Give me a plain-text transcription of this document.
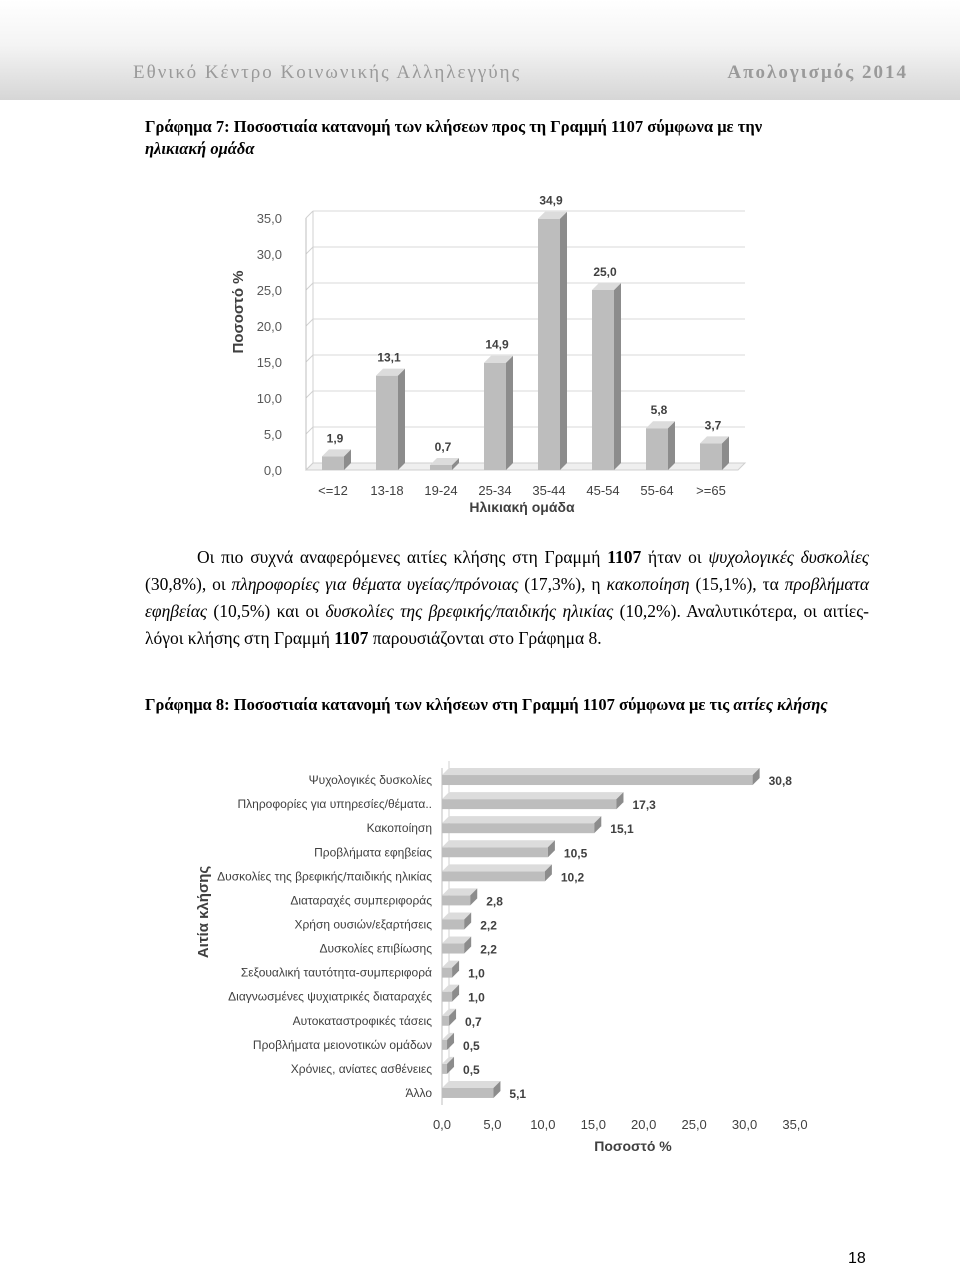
Εθνικό Κέντρο Κοινωνικής Αλληλεγγύης	Απολογισμός 2014
Γράφημα 7: Ποσοστιαία κατανομή των κλήσεων προς τη Γραμμή 1107 σύμφωνα με την
ηλικιακή ομάδα
0,0
5,0
10,0
15,0
20,0
25,0
30,0
35,0
1,9
<=12
13,1
13-18
0,7
19-24
14,9
25-34
34,9
35-44
25,0
45-54
5,8
55-64
3,7
>=65
Ηλικιακή ομάδα
Ποσοστό %
0,0 5,0 10,0 15,0 20,0 25,0 30,0 35,0
Ψυχολογικές δυσκολίες	30,8
Πληροφορίες για υπηρεσίες/θέματα..	17,3
Κακοποίηση	15,1
Προβλήματα εφηβείας	10,5
Δυσκολίες της βρεφικής/παιδικής ηλικίας	10,2
Διαταραχές συμπεριφοράς	2,8
Χρήση ουσιών/εξαρτήσεις	2,2
Δυσκολίες επιβίωσης	2,2
Σεξουαλική ταυτότητα-συμπεριφορά	1,0
Διαγνωσμένες ψυχιατρικές διαταραχές	1,0
Αυτοκαταστροφικές τάσεις	0,7
Προβλήματα μειονοτικών ομάδων	0,5
Χρόνιες, ανίατες ασθένειες	0,5
Άλλο	5,1
Ποσοστό %
Αιτία κλήσης
Οι πιο συχνά αναφερόμενες αιτίες κλήσης στη Γραμμή 1107 ήταν οι ψυχολογικές δυσκολίες (30,8%), οι πληροφορίες για θέματα υγείας/πρόνοιας (17,3%), η κακοποίηση (15,1%), τα προβλήματα εφηβείας (10,5%) και οι δυσκολίες της βρεφικής/παιδικής ηλικίας (10,2%). Αναλυτικότερα, οι αιτίες-λόγοι κλήσης στη Γραμμή 1107 παρουσιάζονται στο Γράφημα 8.
Γράφημα 8: Ποσοστιαία κατανομή των κλήσεων στη Γραμμή 1107 σύμφωνα με τις αιτίες κλήσης
18
